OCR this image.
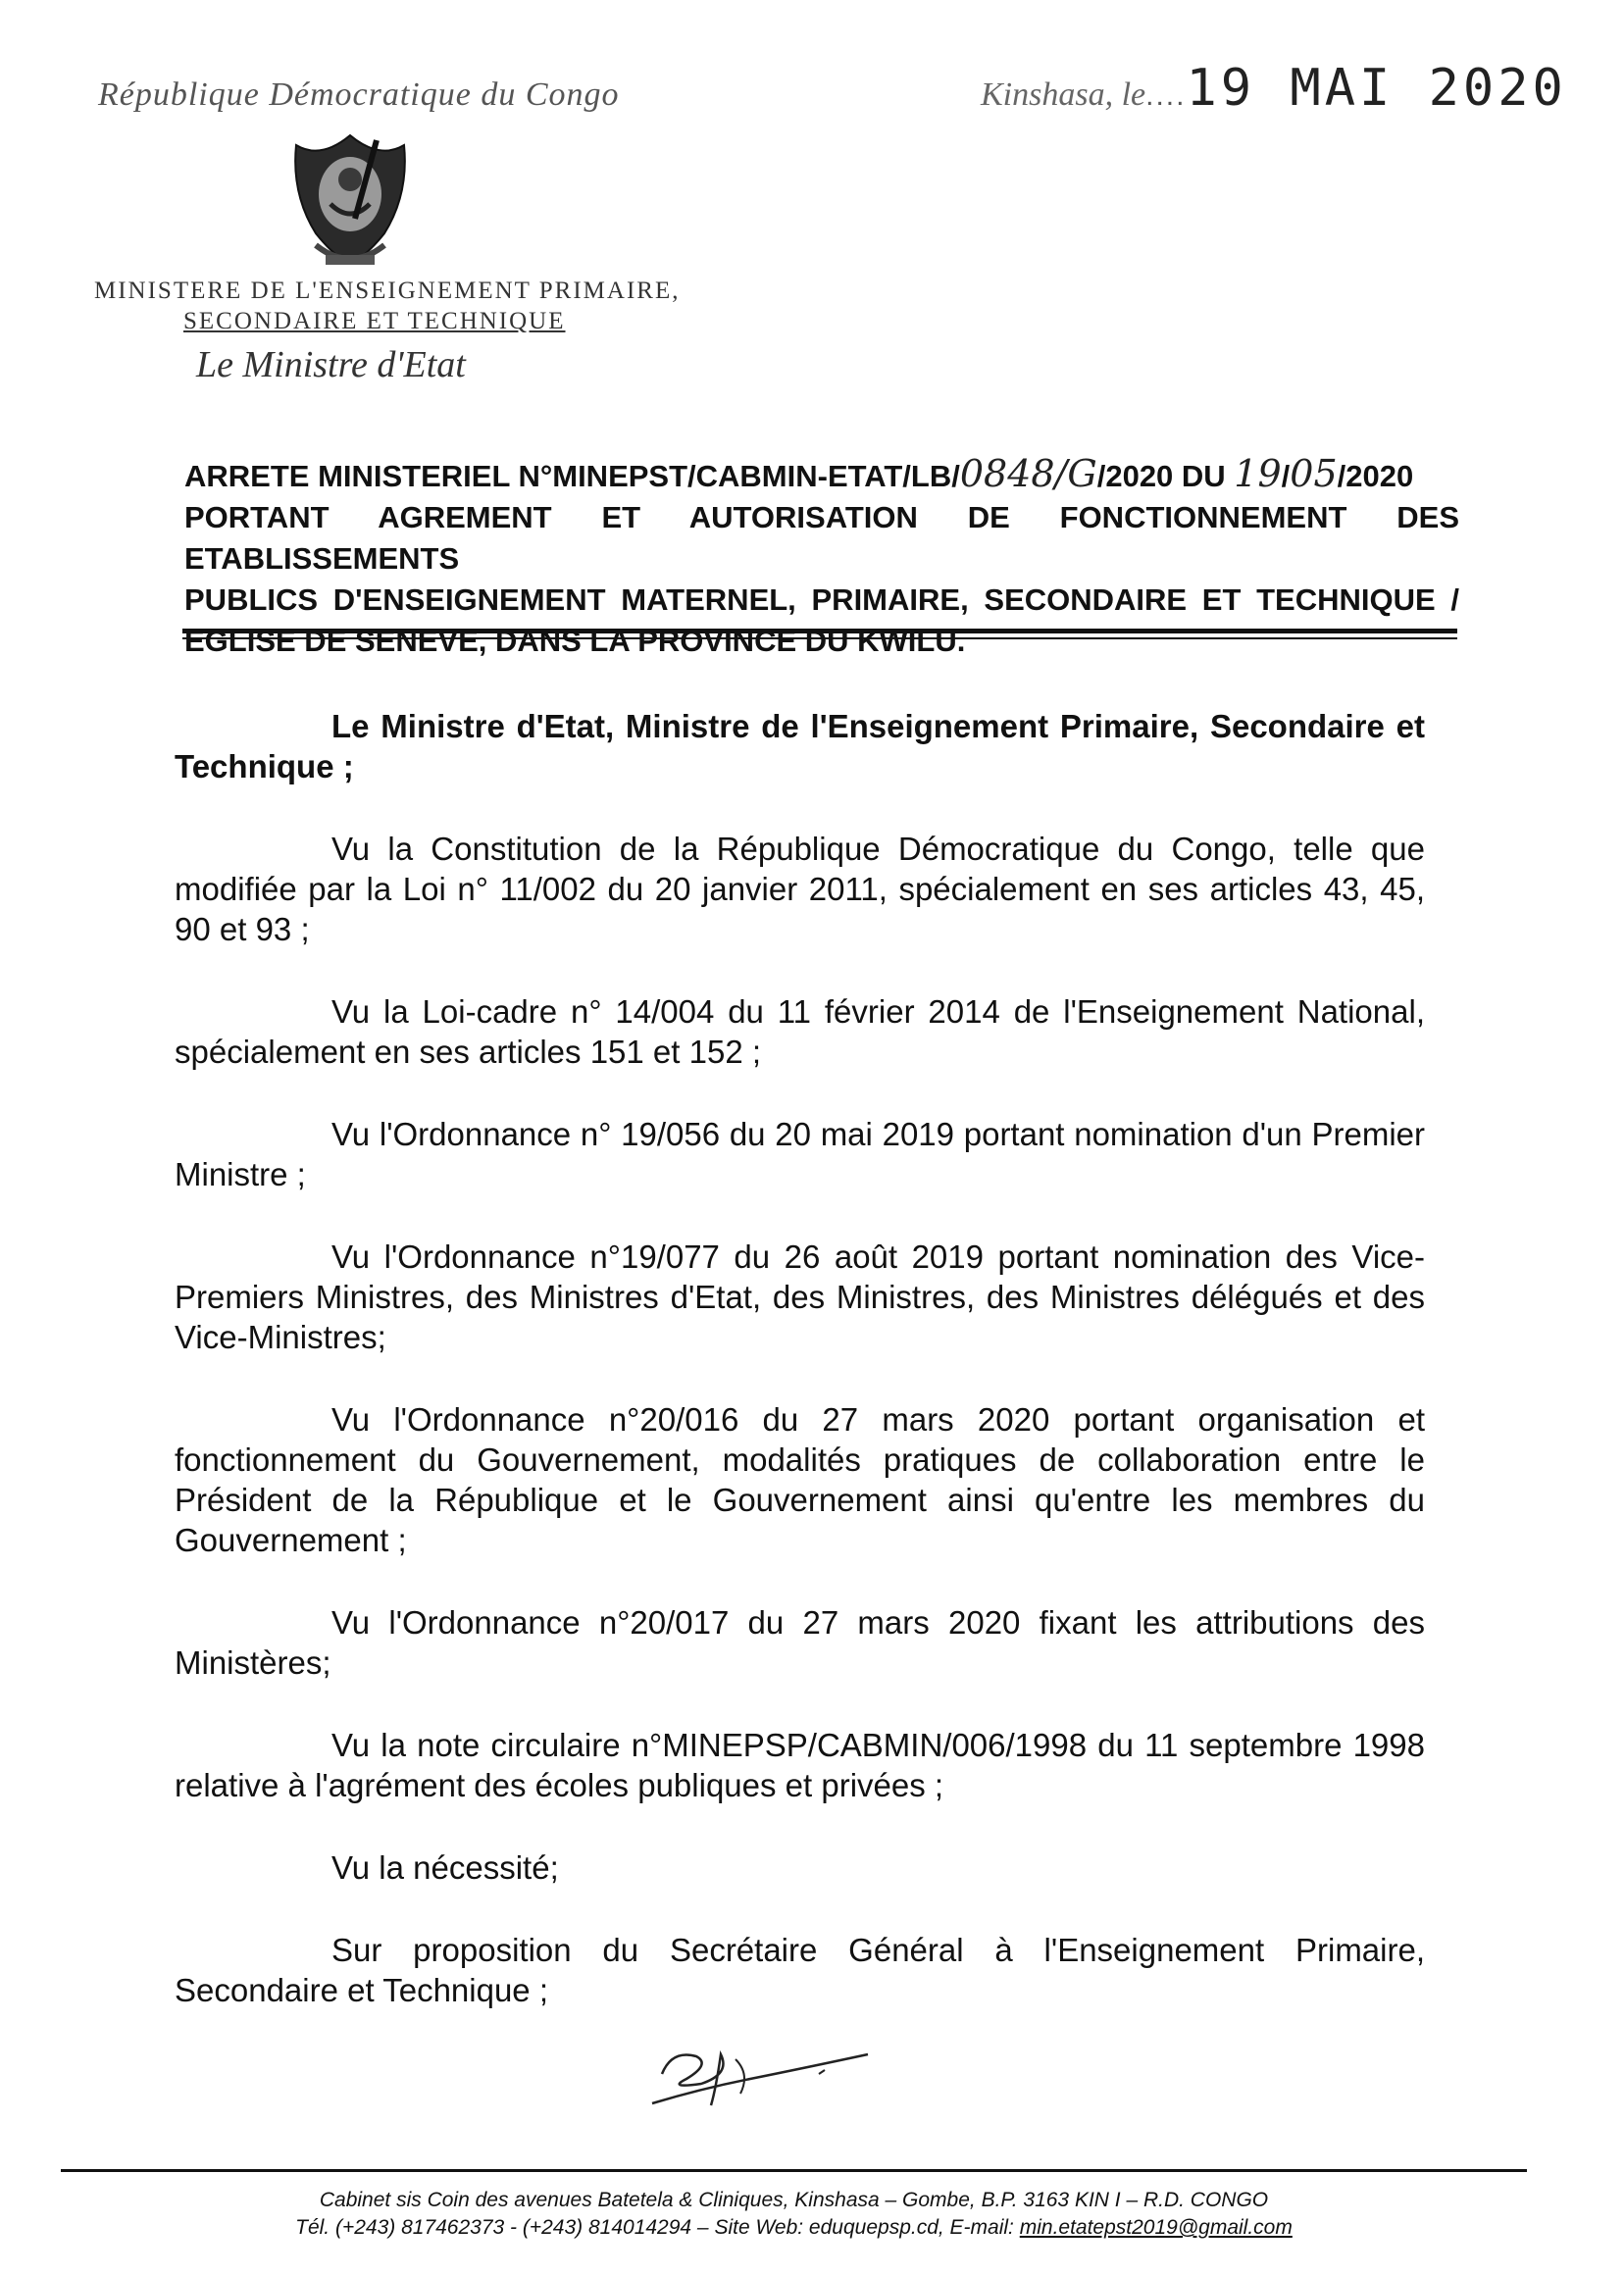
République Démocratique du Congo
MINISTERE DE L'ENSEIGNEMENT PRIMAIRE,
SECONDAIRE ET TECHNIQUE
Le Ministre d'Etat
Kinshasa, le....19 MAI 2020
ARRETE MINISTERIEL N°MINEPST/CABMIN-ETAT/LB/0848/G/2020 DU 19/05/2020
PORTANT AGREMENT ET AUTORISATION DE FONCTIONNEMENT DES ETABLISSEMENTS
PUBLICS D'ENSEIGNEMENT MATERNEL, PRIMAIRE, SECONDAIRE ET TECHNIQUE /
EGLISE DE SENEVE, DANS LA PROVINCE DU KWILU.

Le Ministre d'Etat, Ministre de l'Enseignement Primaire, Secondaire et Technique ;

Vu la Constitution de la République Démocratique du Congo, telle que modifiée par la Loi n° 11/002 du 20 janvier 2011, spécialement en ses articles 43, 45, 90 et 93 ;

Vu la Loi-cadre n° 14/004 du 11 février 2014 de l'Enseignement National, spécialement en ses articles 151 et 152 ;

Vu l'Ordonnance n° 19/056 du 20 mai 2019 portant nomination d'un Premier Ministre ;

Vu l'Ordonnance n°19/077 du 26 août 2019 portant nomination des Vice-Premiers Ministres, des Ministres d'Etat, des Ministres, des Ministres délégués et des Vice-Ministres;

Vu l'Ordonnance n°20/016 du 27 mars 2020 portant organisation et fonctionnement du Gouvernement, modalités pratiques de collaboration entre le Président de la République et le Gouvernement ainsi qu'entre les membres du Gouvernement ;

Vu l'Ordonnance n°20/017 du 27 mars 2020 fixant les attributions des Ministères;

Vu la note circulaire n°MINEPSP/CABMIN/006/1998 du 11 septembre 1998 relative à l'agrément des écoles publiques et privées ;

Vu la nécessité;

Sur proposition du Secrétaire Général à l'Enseignement Primaire, Secondaire et Technique ;

Cabinet sis Coin des avenues Batetela & Cliniques, Kinshasa – Gombe, B.P. 3163 KIN I – R.D. CONGO
Tél. (+243) 817462373 - (+243) 814014294 – Site Web: eduquepsp.cd, E-mail: min.etatepst2019@gmail.com
